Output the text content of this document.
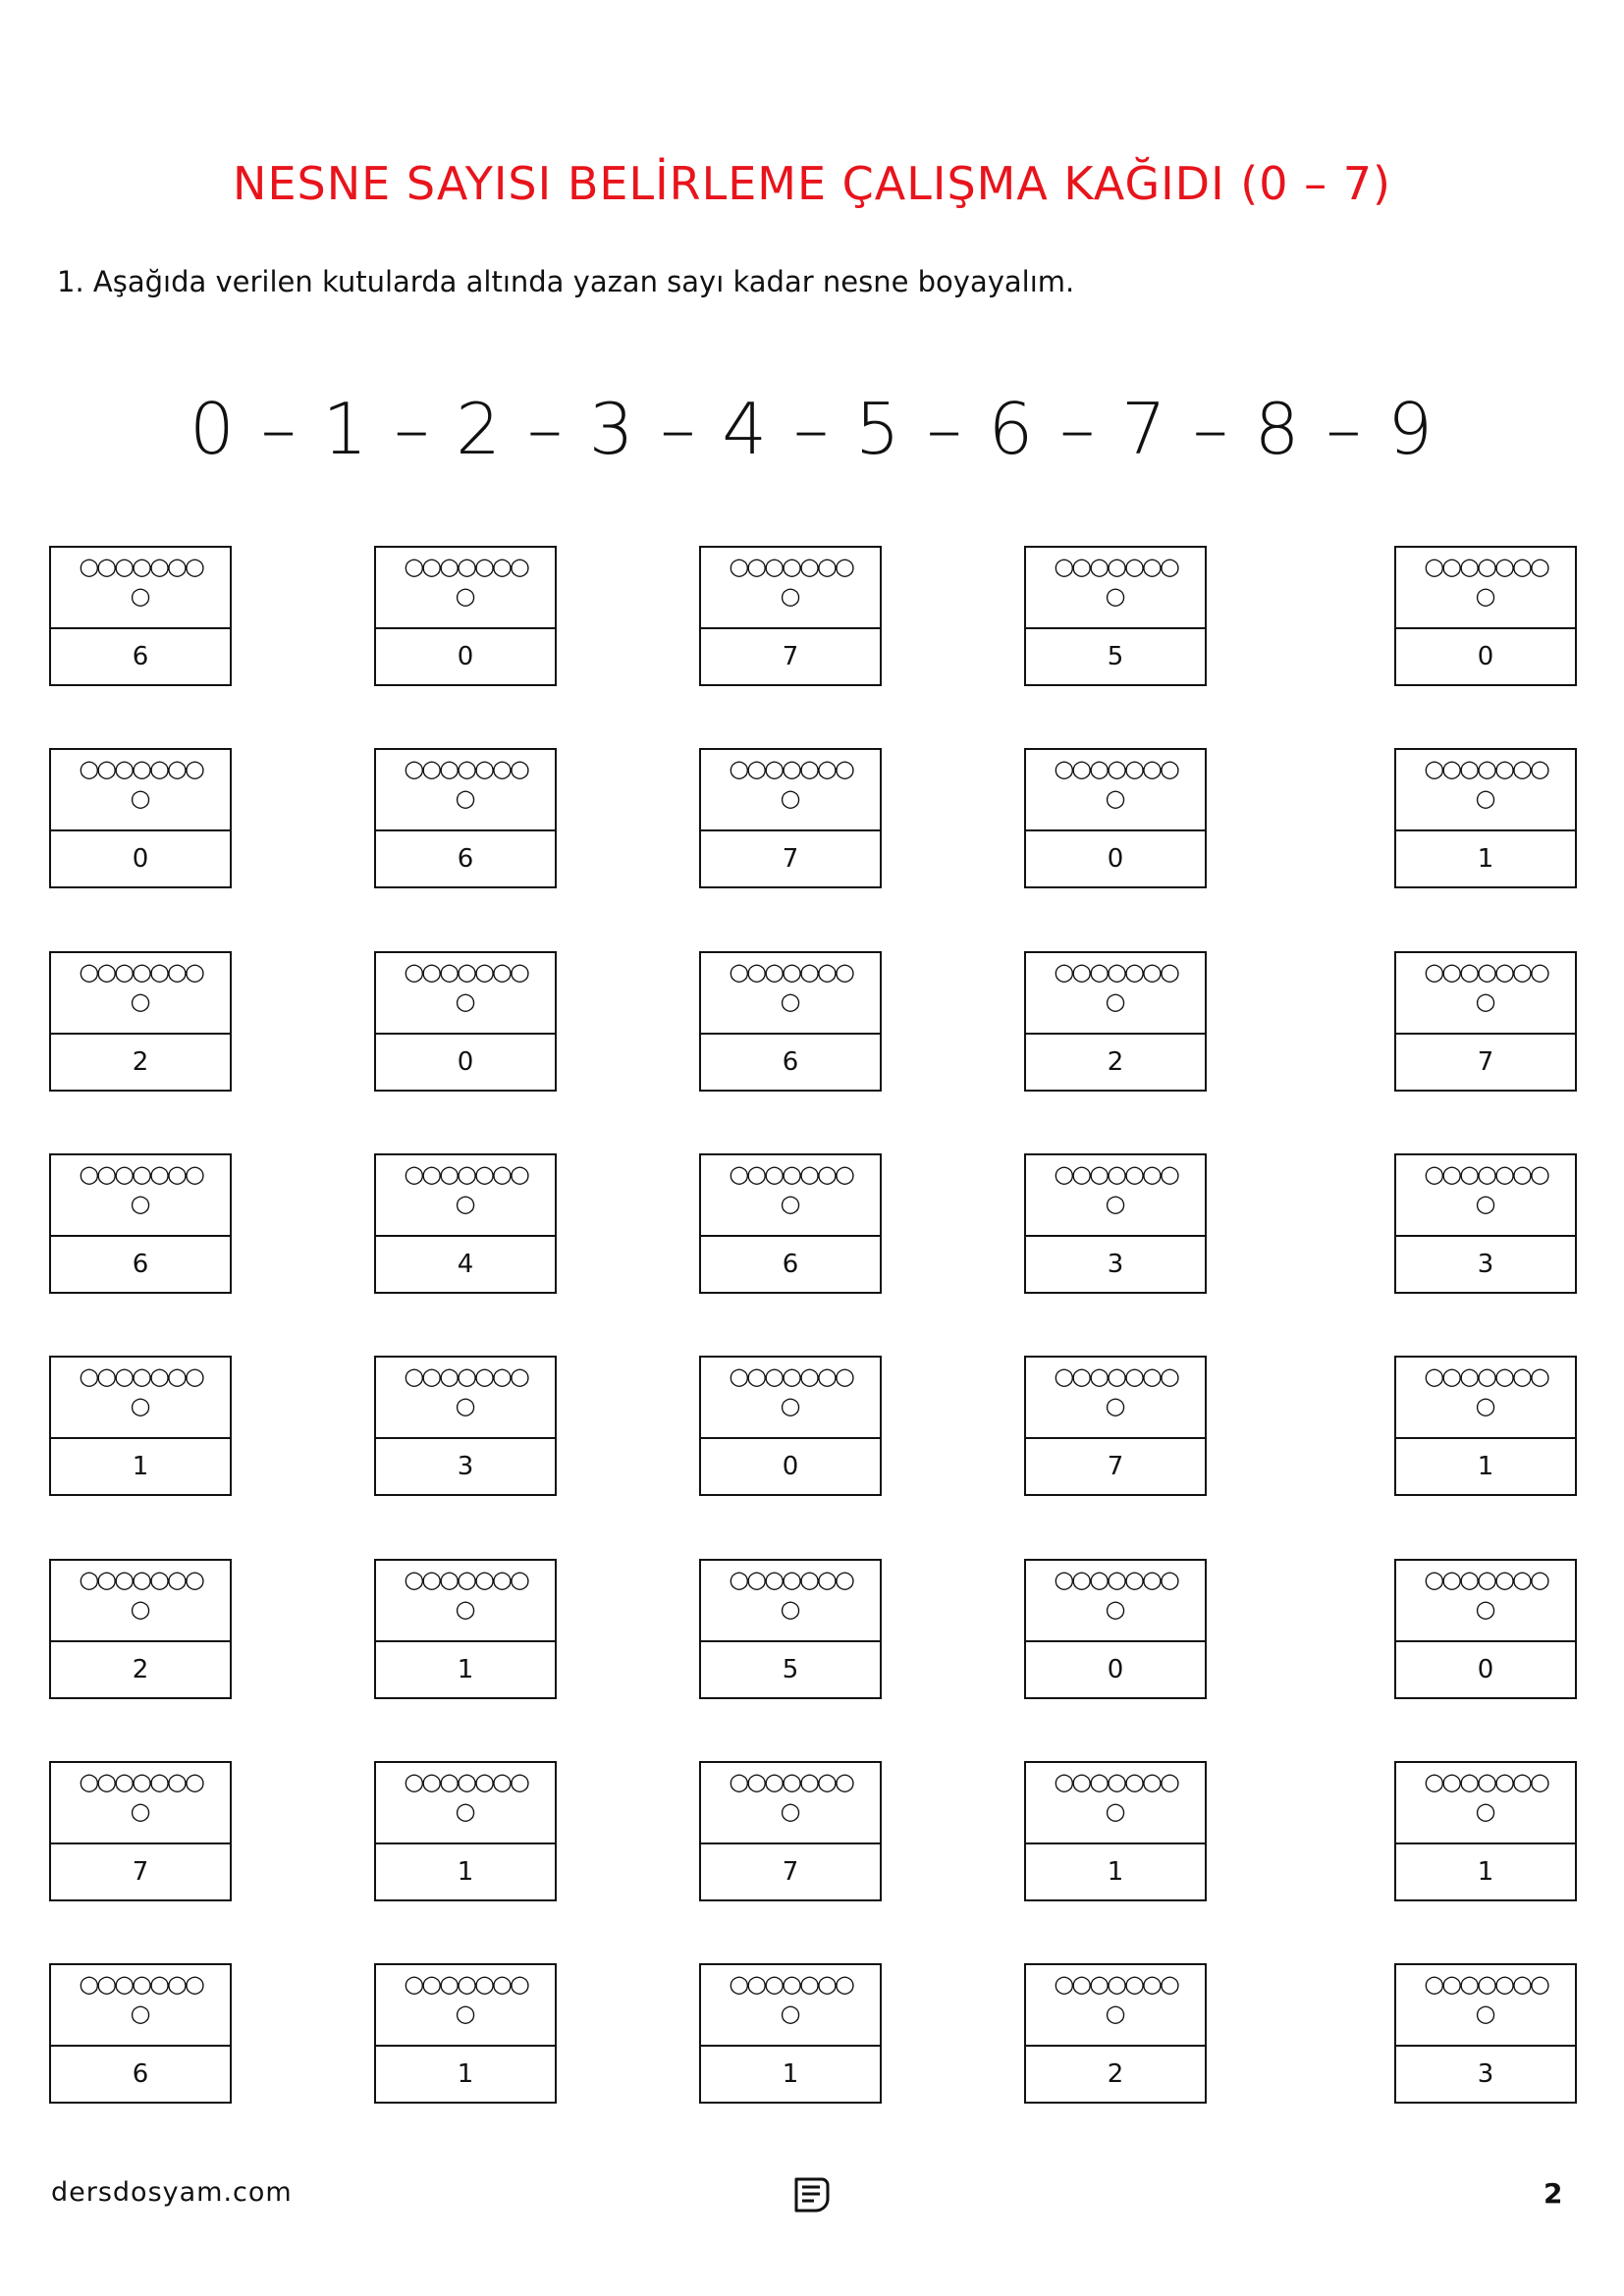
NESNE SAYISI BELİRLEME ÇALIŞMA KAĞIDI (0 – 7)
1. Aşağıda verilen kutularda altında yazan sayı kadar nesne boyayalım.
0 – 1 – 2 – 3 – 4 – 5 – 6 – 7 – 8 – 9
○○○○○○○
○
6
○○○○○○○
○
0
○○○○○○○
○
7
○○○○○○○
○
5
○○○○○○○
○
0
○○○○○○○
○
0
○○○○○○○
○
6
○○○○○○○
○
7
○○○○○○○
○
0
○○○○○○○
○
1
○○○○○○○
○
2
○○○○○○○
○
0
○○○○○○○
○
6
○○○○○○○
○
2
○○○○○○○
○
7
○○○○○○○
○
6
○○○○○○○
○
4
○○○○○○○
○
6
○○○○○○○
○
3
○○○○○○○
○
3
○○○○○○○
○
1
○○○○○○○
○
3
○○○○○○○
○
0
○○○○○○○
○
7
○○○○○○○
○
1
○○○○○○○
○
2
○○○○○○○
○
1
○○○○○○○
○
5
○○○○○○○
○
0
○○○○○○○
○
0
○○○○○○○
○
7
○○○○○○○
○
1
○○○○○○○
○
7
○○○○○○○
○
1
○○○○○○○
○
1
○○○○○○○
○
6
○○○○○○○
○
1
○○○○○○○
○
1
○○○○○○○
○
2
○○○○○○○
○
3
dersdosyam.com	2
